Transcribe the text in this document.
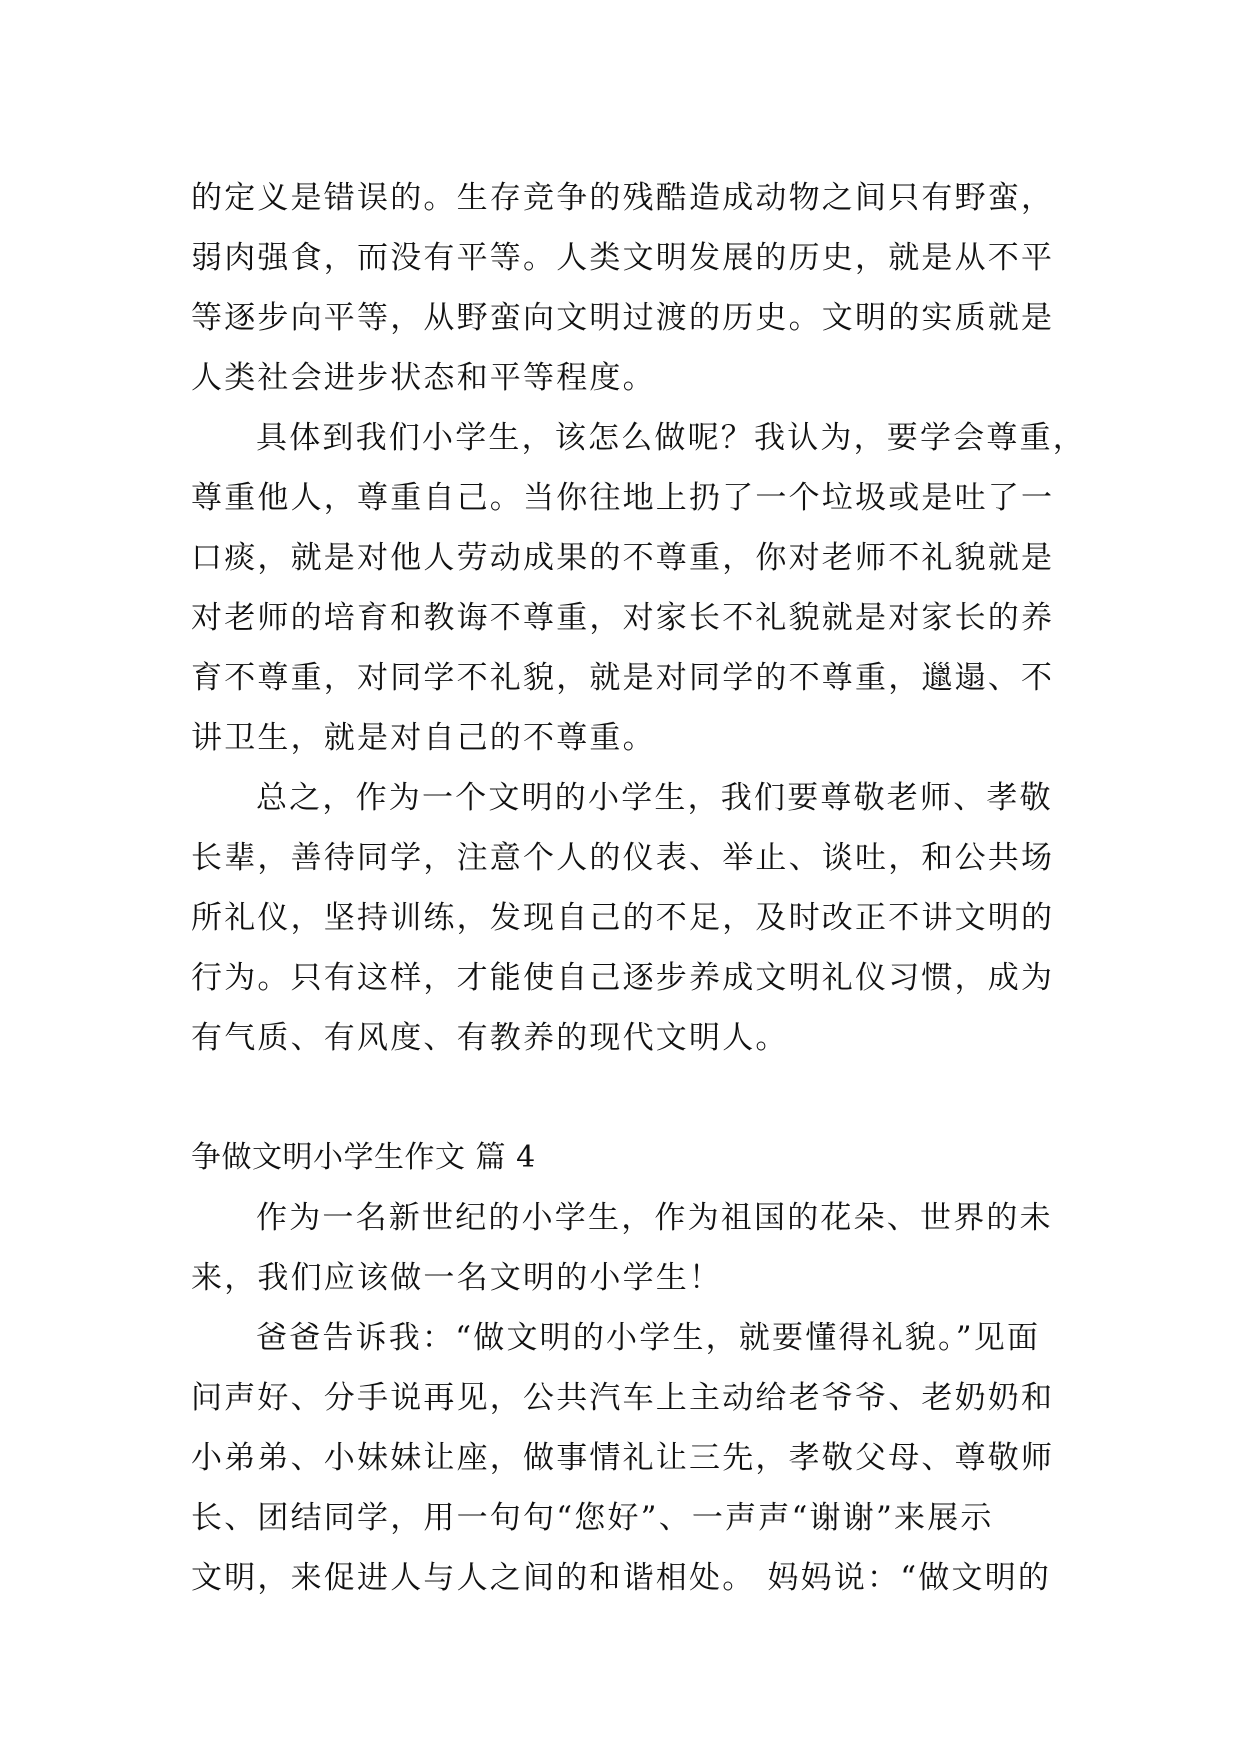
的定义是错误的。生存竞争的残酷造成动物之间只有野蛮，
弱肉强食，而没有平等。人类文明发展的历史，就是从不平
等逐步向平等，从野蛮向文明过渡的历史。文明的实质就是
人类社会进步状态和平等程度。
具体到我们小学生，该怎么做呢？我认为，要学会尊重，
尊重他人，尊重自己。当你往地上扔了一个垃圾或是吐了一
口痰，就是对他人劳动成果的不尊重，你对老师不礼貌就是
对老师的培育和教诲不尊重，对家长不礼貌就是对家长的养
育不尊重，对同学不礼貌，就是对同学的不尊重，邋遢、不
讲卫生，就是对自己的不尊重。
总之，作为一个文明的小学生，我们要尊敬老师、孝敬
长辈，善待同学，注意个人的仪表、举止、谈吐，和公共场
所礼仪，坚持训练，发现自己的不足，及时改正不讲文明的
行为。只有这样，才能使自己逐步养成文明礼仪习惯，成为
有气质、有风度、有教养的现代文明人。
争做文明小学生作文 篇 4
作为一名新世纪的小学生，作为祖国的花朵、世界的未
来，我们应该做一名文明的小学生！
爸爸告诉我：“做文明的小学生，就要懂得礼貌。”见面
问声好、分手说再见，公共汽车上主动给老爷爷、老奶奶和
小弟弟、小妹妹让座，做事情礼让三先，孝敬父母、尊敬师
长、团结同学，用一句句“您好”、一声声“谢谢”来展示
文明，来促进人与人之间的和谐相处。 妈妈说：“做文明的
